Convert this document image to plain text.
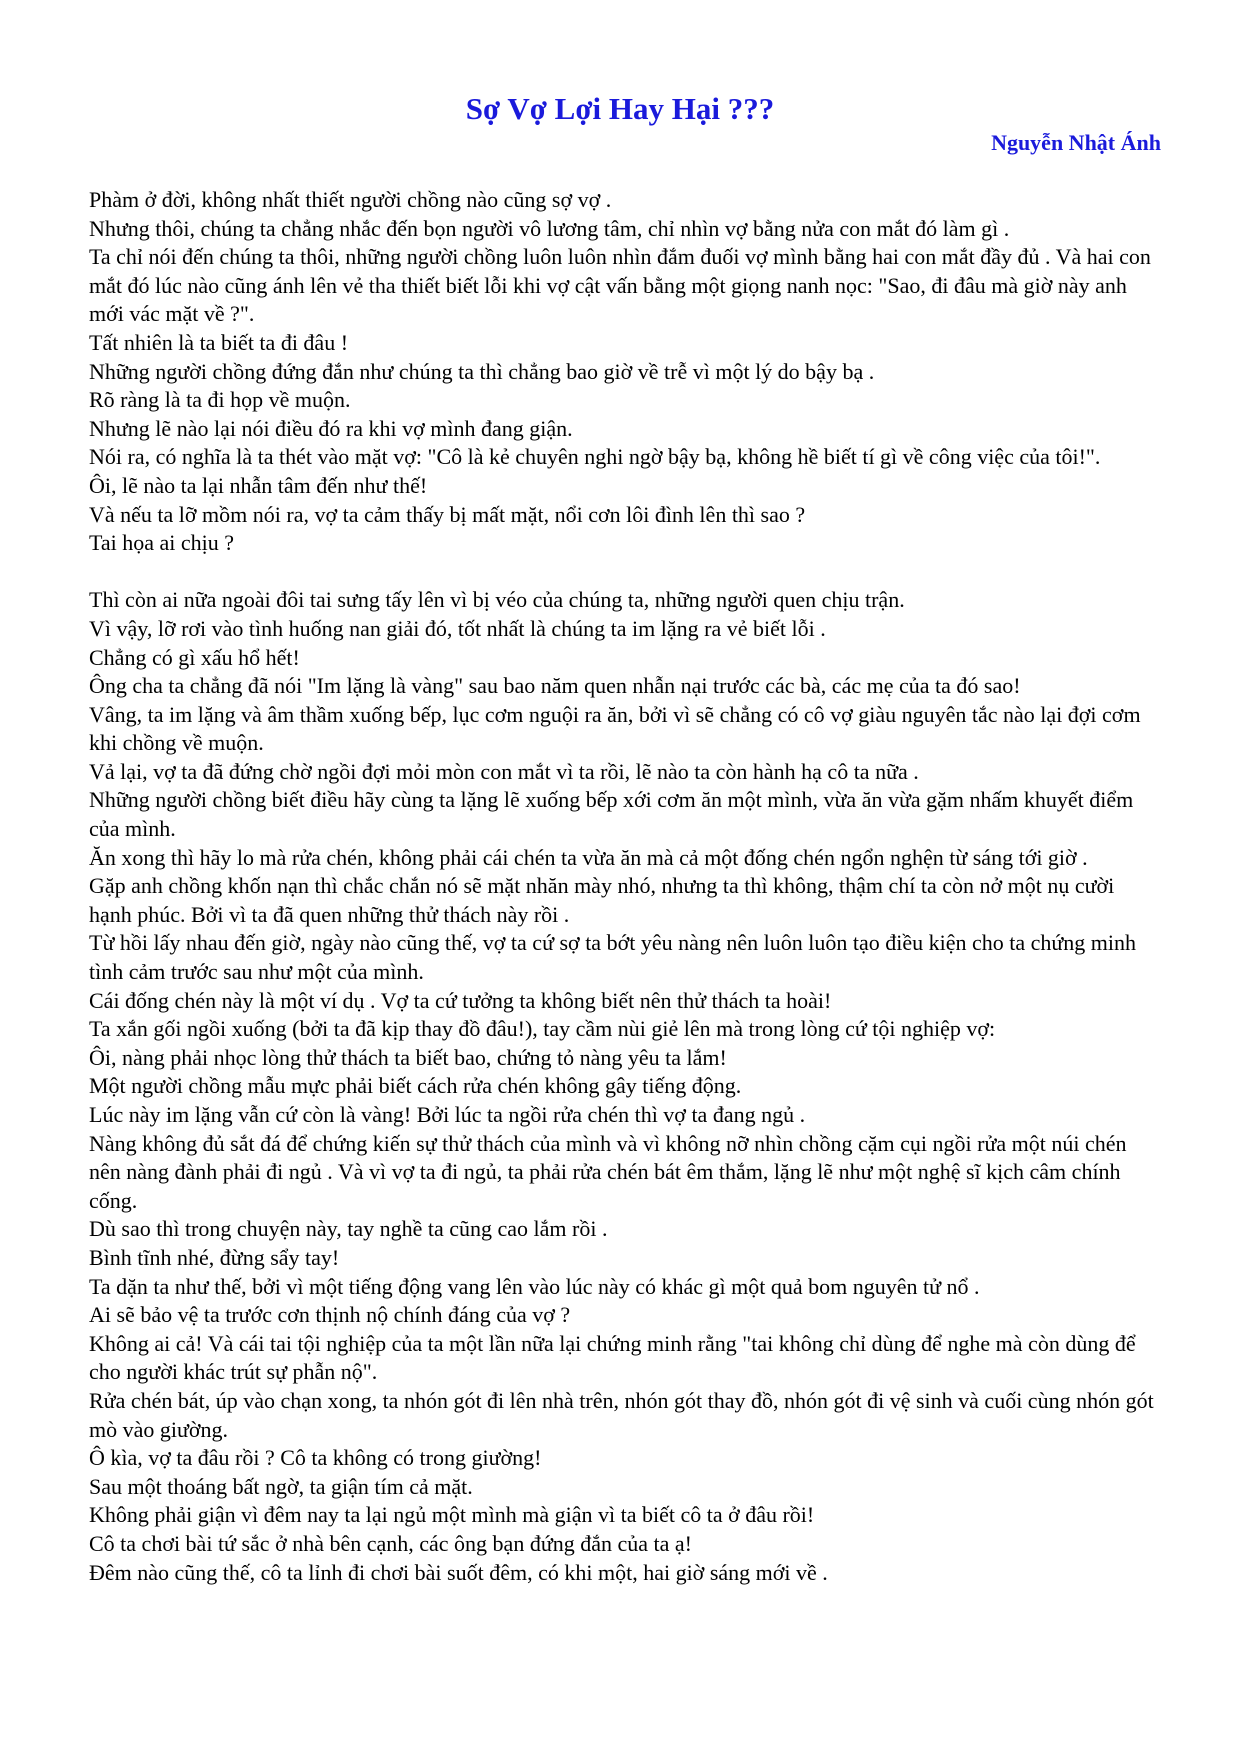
Sợ Vợ Lợi Hay Hại ???

Nguyễn Nhật Ánh

Phàm ở đời, không nhất thiết người chồng nào cũng sợ vợ .

Nhưng thôi, chúng ta chẳng nhắc đến bọn người vô lương tâm, chỉ nhìn vợ bằng nửa con mắt đó làm gì .

Ta chỉ nói đến chúng ta thôi, những người chồng luôn luôn nhìn đắm đuối vợ mình bằng hai con mắt đầy đủ . Và hai con mắt đó lúc nào cũng ánh lên vẻ tha thiết biết lỗi khi vợ cật vấn bằng một giọng nanh nọc: "Sao, đi đâu mà giờ này anh mới vác mặt về ?".

Tất nhiên là ta biết ta đi đâu !

Những người chồng đứng đắn như chúng ta thì chẳng bao giờ về trễ vì một lý do bậy bạ .

Rõ ràng là ta đi họp về muộn.

Nhưng lẽ nào lại nói điều đó ra khi vợ mình đang giận.

Nói ra, có nghĩa là ta thét vào mặt vợ: "Cô là kẻ chuyên nghi ngờ bậy bạ, không hề biết tí gì về công việc của tôi!".

Ôi, lẽ nào ta lại nhẫn tâm đến như thế!

Và nếu ta lỡ mồm nói ra, vợ ta cảm thấy bị mất mặt, nổi cơn lôi đình lên thì sao ?

Tai họa ai chịu ?

Thì còn ai nữa ngoài đôi tai sưng tấy lên vì bị véo của chúng ta, những người quen chịu trận.

Vì vậy, lỡ rơi vào tình huống nan giải đó, tốt nhất là chúng ta im lặng ra vẻ biết lỗi .

Chẳng có gì xấu hổ hết!

Ông cha ta chẳng đã nói "Im lặng là vàng" sau bao năm quen nhẫn nại trước các bà, các mẹ của ta đó sao!

Vâng, ta im lặng và âm thầm xuống bếp, lục cơm nguội ra ăn, bởi vì sẽ chẳng có cô vợ giàu nguyên tắc nào lại đợi cơm khi chồng về muộn.

Vả lại, vợ ta đã đứng chờ ngồi đợi mỏi mòn con mắt vì ta rồi, lẽ nào ta còn hành hạ cô ta nữa .

Những người chồng biết điều hãy cùng ta lặng lẽ xuống bếp xới cơm ăn một mình, vừa ăn vừa gặm nhấm khuyết điểm của mình.

Ăn xong thì hãy lo mà rửa chén, không phải cái chén ta vừa ăn mà cả một đống chén ngổn nghện từ sáng tới giờ .

Gặp anh chồng khốn nạn thì chắc chắn nó sẽ mặt nhăn mày nhó, nhưng ta thì không, thậm chí ta còn nở một nụ cười hạnh phúc. Bởi vì ta đã quen những thử thách này rồi .

Từ hồi lấy nhau đến giờ, ngày nào cũng thế, vợ ta cứ sợ ta bớt yêu nàng nên luôn luôn tạo điều kiện cho ta chứng minh tình cảm trước sau như một của mình.

Cái đống chén này là một ví dụ . Vợ ta cứ tưởng ta không biết nên thử thách ta hoài!

Ta xắn gối ngồi xuống (bởi ta đã kịp thay đồ đâu!), tay cầm nùi giẻ lên mà trong lòng cứ tội nghiệp vợ:

Ôi, nàng phải nhọc lòng thử thách ta biết bao, chứng tỏ nàng yêu ta lắm!

Một người chồng mẫu mực phải biết cách rửa chén không gây tiếng động.

Lúc này im lặng vẫn cứ còn là vàng! Bởi lúc ta ngồi rửa chén thì vợ ta đang ngủ .

Nàng không đủ sắt đá để chứng kiến sự thử thách của mình và vì không nỡ nhìn chồng cặm cụi ngồi rửa một núi chén nên nàng đành phải đi ngủ . Và vì vợ ta đi ngủ, ta phải rửa chén bát êm thắm, lặng lẽ như một nghệ sĩ kịch câm chính cống.

Dù sao thì trong chuyện này, tay nghề ta cũng cao lắm rồi .

Bình tĩnh nhé, đừng sẩy tay!

Ta dặn ta như thế, bởi vì một tiếng động vang lên vào lúc này có khác gì một quả bom nguyên tử nổ .

Ai sẽ bảo vệ ta trước cơn thịnh nộ chính đáng của vợ ?

Không ai cả! Và cái tai tội nghiệp của ta một lần nữa lại chứng minh rằng "tai không chỉ dùng để nghe mà còn dùng để cho người khác trút sự phẫn nộ".

Rửa chén bát, úp vào chạn xong, ta nhón gót đi lên nhà trên, nhón gót thay đồ, nhón gót đi vệ sinh và cuối cùng nhón gót mò vào giường.

Ô kìa, vợ ta đâu rồi ? Cô ta không có trong giường!

Sau một thoáng bất ngờ, ta giận tím cả mặt.

Không phải giận vì đêm nay ta lại ngủ một mình mà giận vì ta biết cô ta ở đâu rồi!

Cô ta chơi bài tứ sắc ở nhà bên cạnh, các ông bạn đứng đắn của ta ạ!

Đêm nào cũng thế, cô ta lỉnh đi chơi bài suốt đêm, có khi một, hai giờ sáng mới về .
